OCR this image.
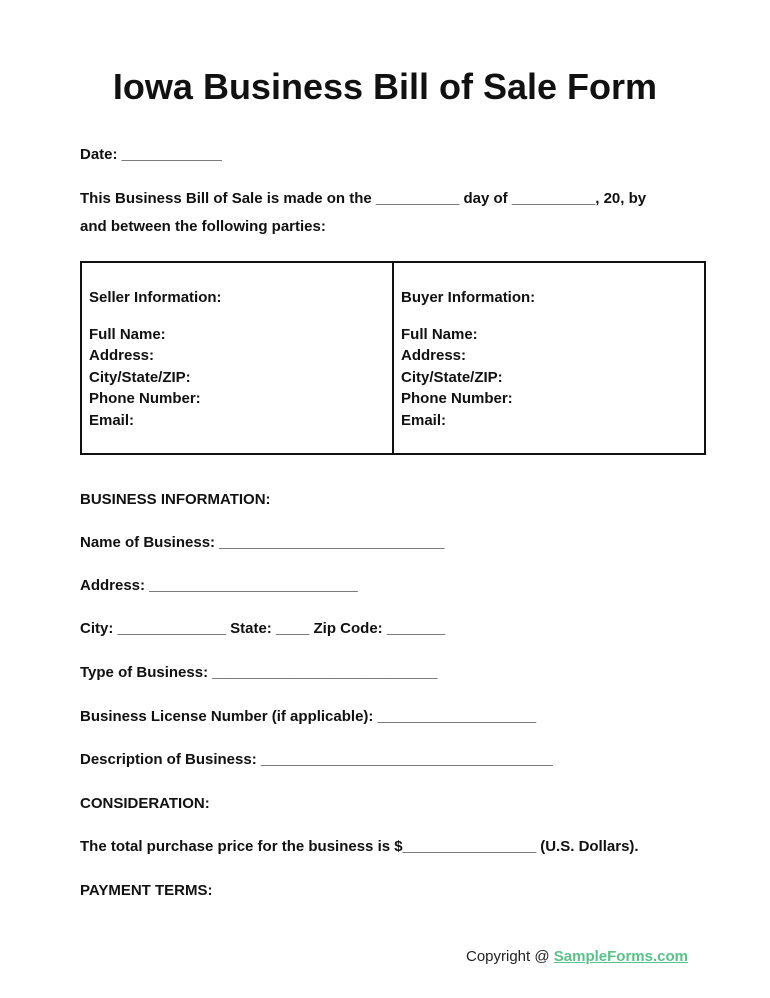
Iowa Business Bill of Sale Form
Date: ____________
This Business Bill of Sale is made on the __________ day of __________, 20, by
and between the following parties:
Seller Information:
Full Name:
Address:
City/State/ZIP:
Phone Number:
Email:
Buyer Information:
Full Name:
Address:
City/State/ZIP:
Phone Number:
Email:
BUSINESS INFORMATION:
Name of Business: ___________________________
Address: _________________________
City: _____________ State: ____ Zip Code: _______
Type of Business: ___________________________
Business License Number (if applicable): ___________________
Description of Business: ___________________________________
CONSIDERATION:
The total purchase price for the business is $________________ (U.S. Dollars).
PAYMENT TERMS:
Copyright @ SampleForms.com
